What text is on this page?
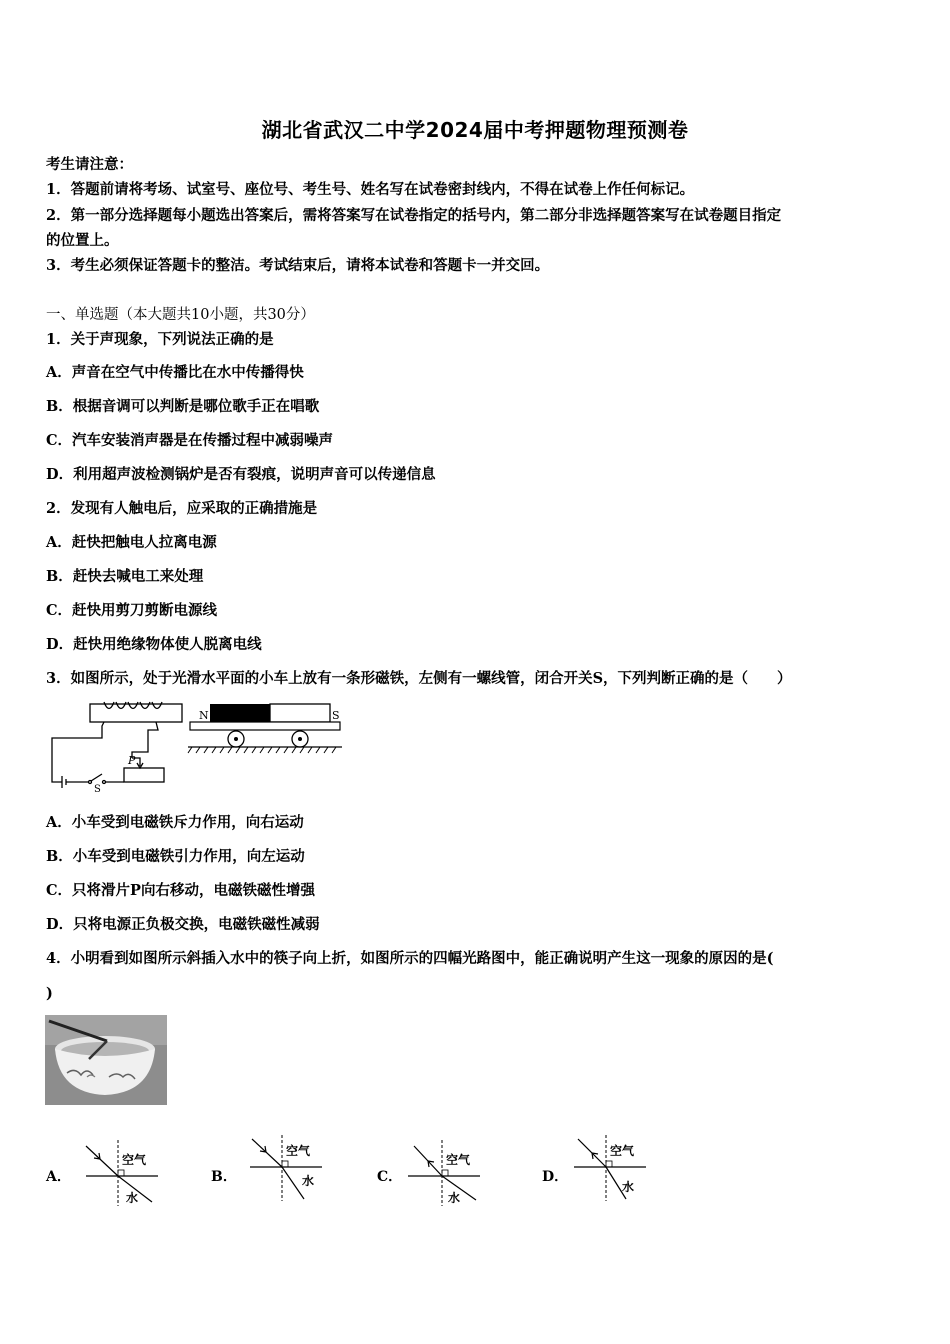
湖北省武汉二中学2024届中考押题物理预测卷
考生请注意：
1．答题前请将考场、试室号、座位号、考生号、姓名写在试卷密封线内，不得在试卷上作任何标记。
2．第一部分选择题每小题选出答案后，需将答案写在试卷指定的括号内，第二部分非选择题答案写在试卷题目指定
的位置上。
3．考生必须保证答题卡的整洁。考试结束后，请将本试卷和答题卡一并交回。
一、单选题（本大题共10小题，共30分）
1．关于声现象，下列说法正确的是
A．声音在空气中传播比在水中传播得快
B．根据音调可以判断是哪位歌手正在唱歌
C．汽车安装消声器是在传播过程中减弱噪声
D．利用超声波检测锅炉是否有裂痕，说明声音可以传递信息
2．发现有人触电后，应采取的正确措施是
A．赶快把触电人拉离电源
B．赶快去喊电工来处理
C．赶快用剪刀剪断电源线
D．赶快用绝缘物体使人脱离电线
3．如图所示，处于光滑水平面的小车上放有一条形磁铁，左侧有一螺线管，闭合开关S，下列判断正确的是（　　）
P
S
N	S
A．小车受到电磁铁斥力作用，向右运动
B．小车受到电磁铁引力作用，向左运动
C．只将滑片P向右移动，电磁铁磁性增强
D．只将电源正负极交换，电磁铁磁性减弱
4．小明看到如图所示斜插入水中的筷子向上折，如图所示的四幅光路图中，能正确说明产生这一现象的原因的是(
)
A．
空气
水
B．
空气
水	C．
空气
水
D．
空气
水
